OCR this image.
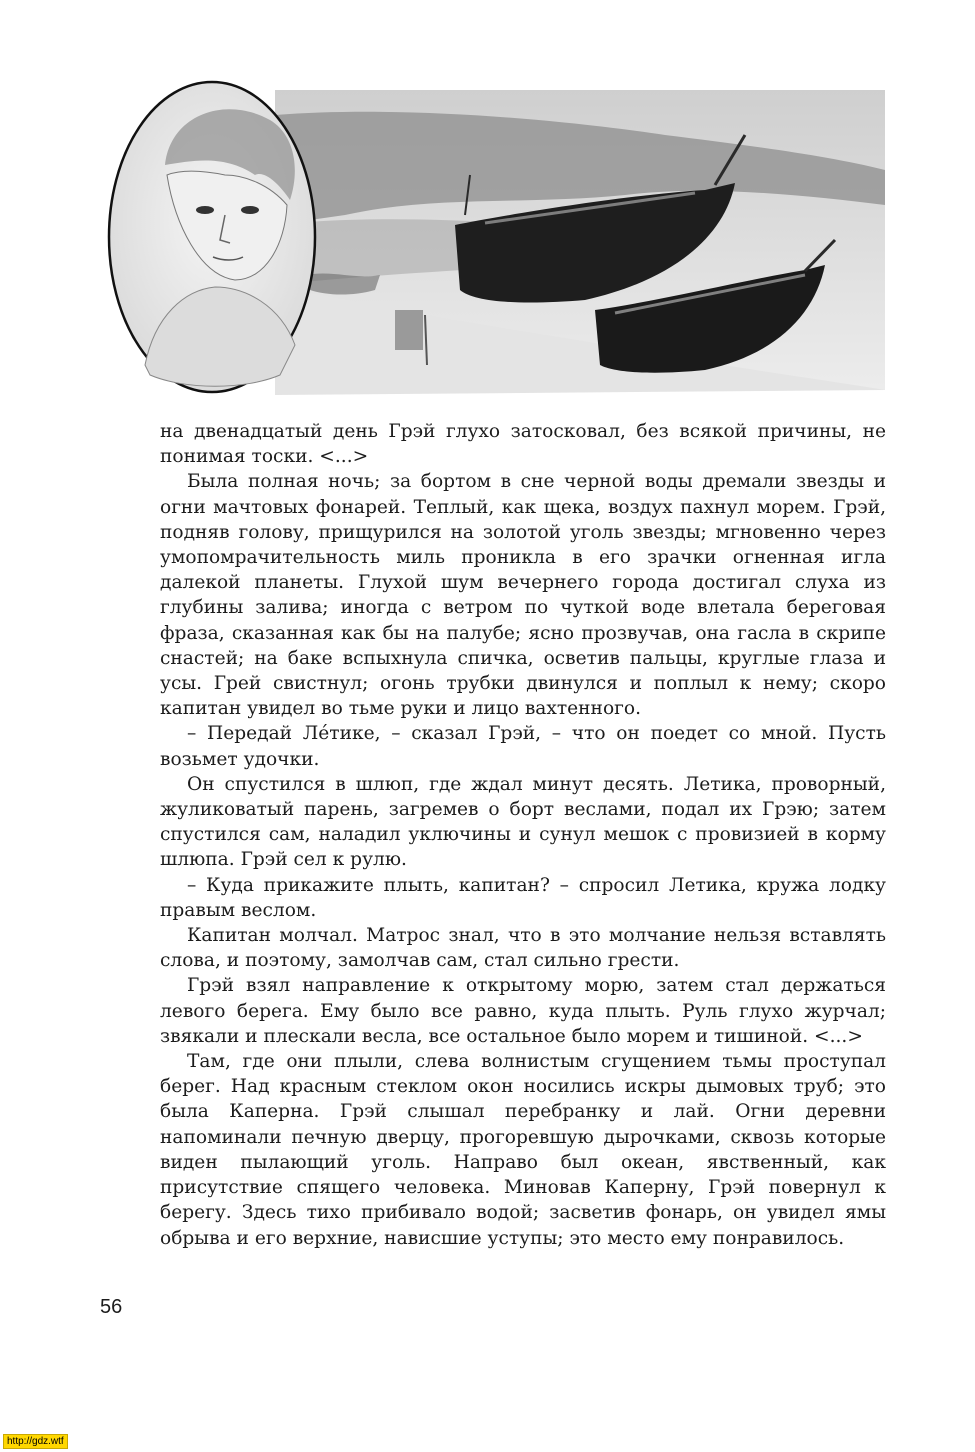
на двенадцатый день Грэй глухо затосковал, без всякой причины, не понимая тоски. <...>

Была полная ночь; за бортом в сне черной воды дремали звезды и огни мачтовых фонарей. Теплый, как щека, воздух пахнул морем. Грэй, подняв голову, прищурился на золотой уголь звезды; мгновенно через умопомрачительность миль проникла в его зрачки огненная игла далекой планеты. Глухой шум вечернего города достигал слуха из глубины залива; иногда с ветром по чуткой воде влетала береговая фраза, сказанная как бы на палубе; ясно прозвучав, она гасла в скрипе снастей; на баке вспыхнула спичка, осветив пальцы, круглые глаза и усы. Грей свистнул; огонь трубки двинулся и поплыл к нему; скоро капитан увидел во тьме руки и лицо вахтенного.

– Передай Ле́тике, – сказал Грэй, – что он поедет со мной. Пусть возьмет удочки.

Он спустился в шлюп, где ждал минут десять. Летика, проворный, жуликоватый парень, загремев о борт веслами, подал их Грэю; затем спустился сам, наладил уключины и сунул мешок с провизией в корму шлюпа. Грэй сел к рулю.

– Куда прикажите плыть, капитан? – спросил Летика, кружа лодку правым веслом.

Капитан молчал. Матрос знал, что в это молчание нельзя вставлять слова, и поэтому, замолчав сам, стал сильно грести.

Грэй взял направление к открытому морю, затем стал держаться левого берега. Ему было все равно, куда плыть. Руль глухо журчал; звякали и плескали весла, все остальное было морем и тишиной. <...>

Там, где они плыли, слева волнистым сгущением тьмы проступал берег. Над красным стеклом окон носились искры дымовых труб; это была Каперна. Грэй слышал перебранку и лай. Огни деревни напоминали печную дверцу, прогоревшую дырочками, сквозь которые виден пылающий уголь. Направо был океан, явственный, как присутствие спящего человека. Миновав Каперну, Грэй повернул к берегу. Здесь тихо прибивало водой; засветив фонарь, он увидел ямы обрыва и его верхние, нависшие уступы; это место ему понравилось.

56
http://gdz.wtf
